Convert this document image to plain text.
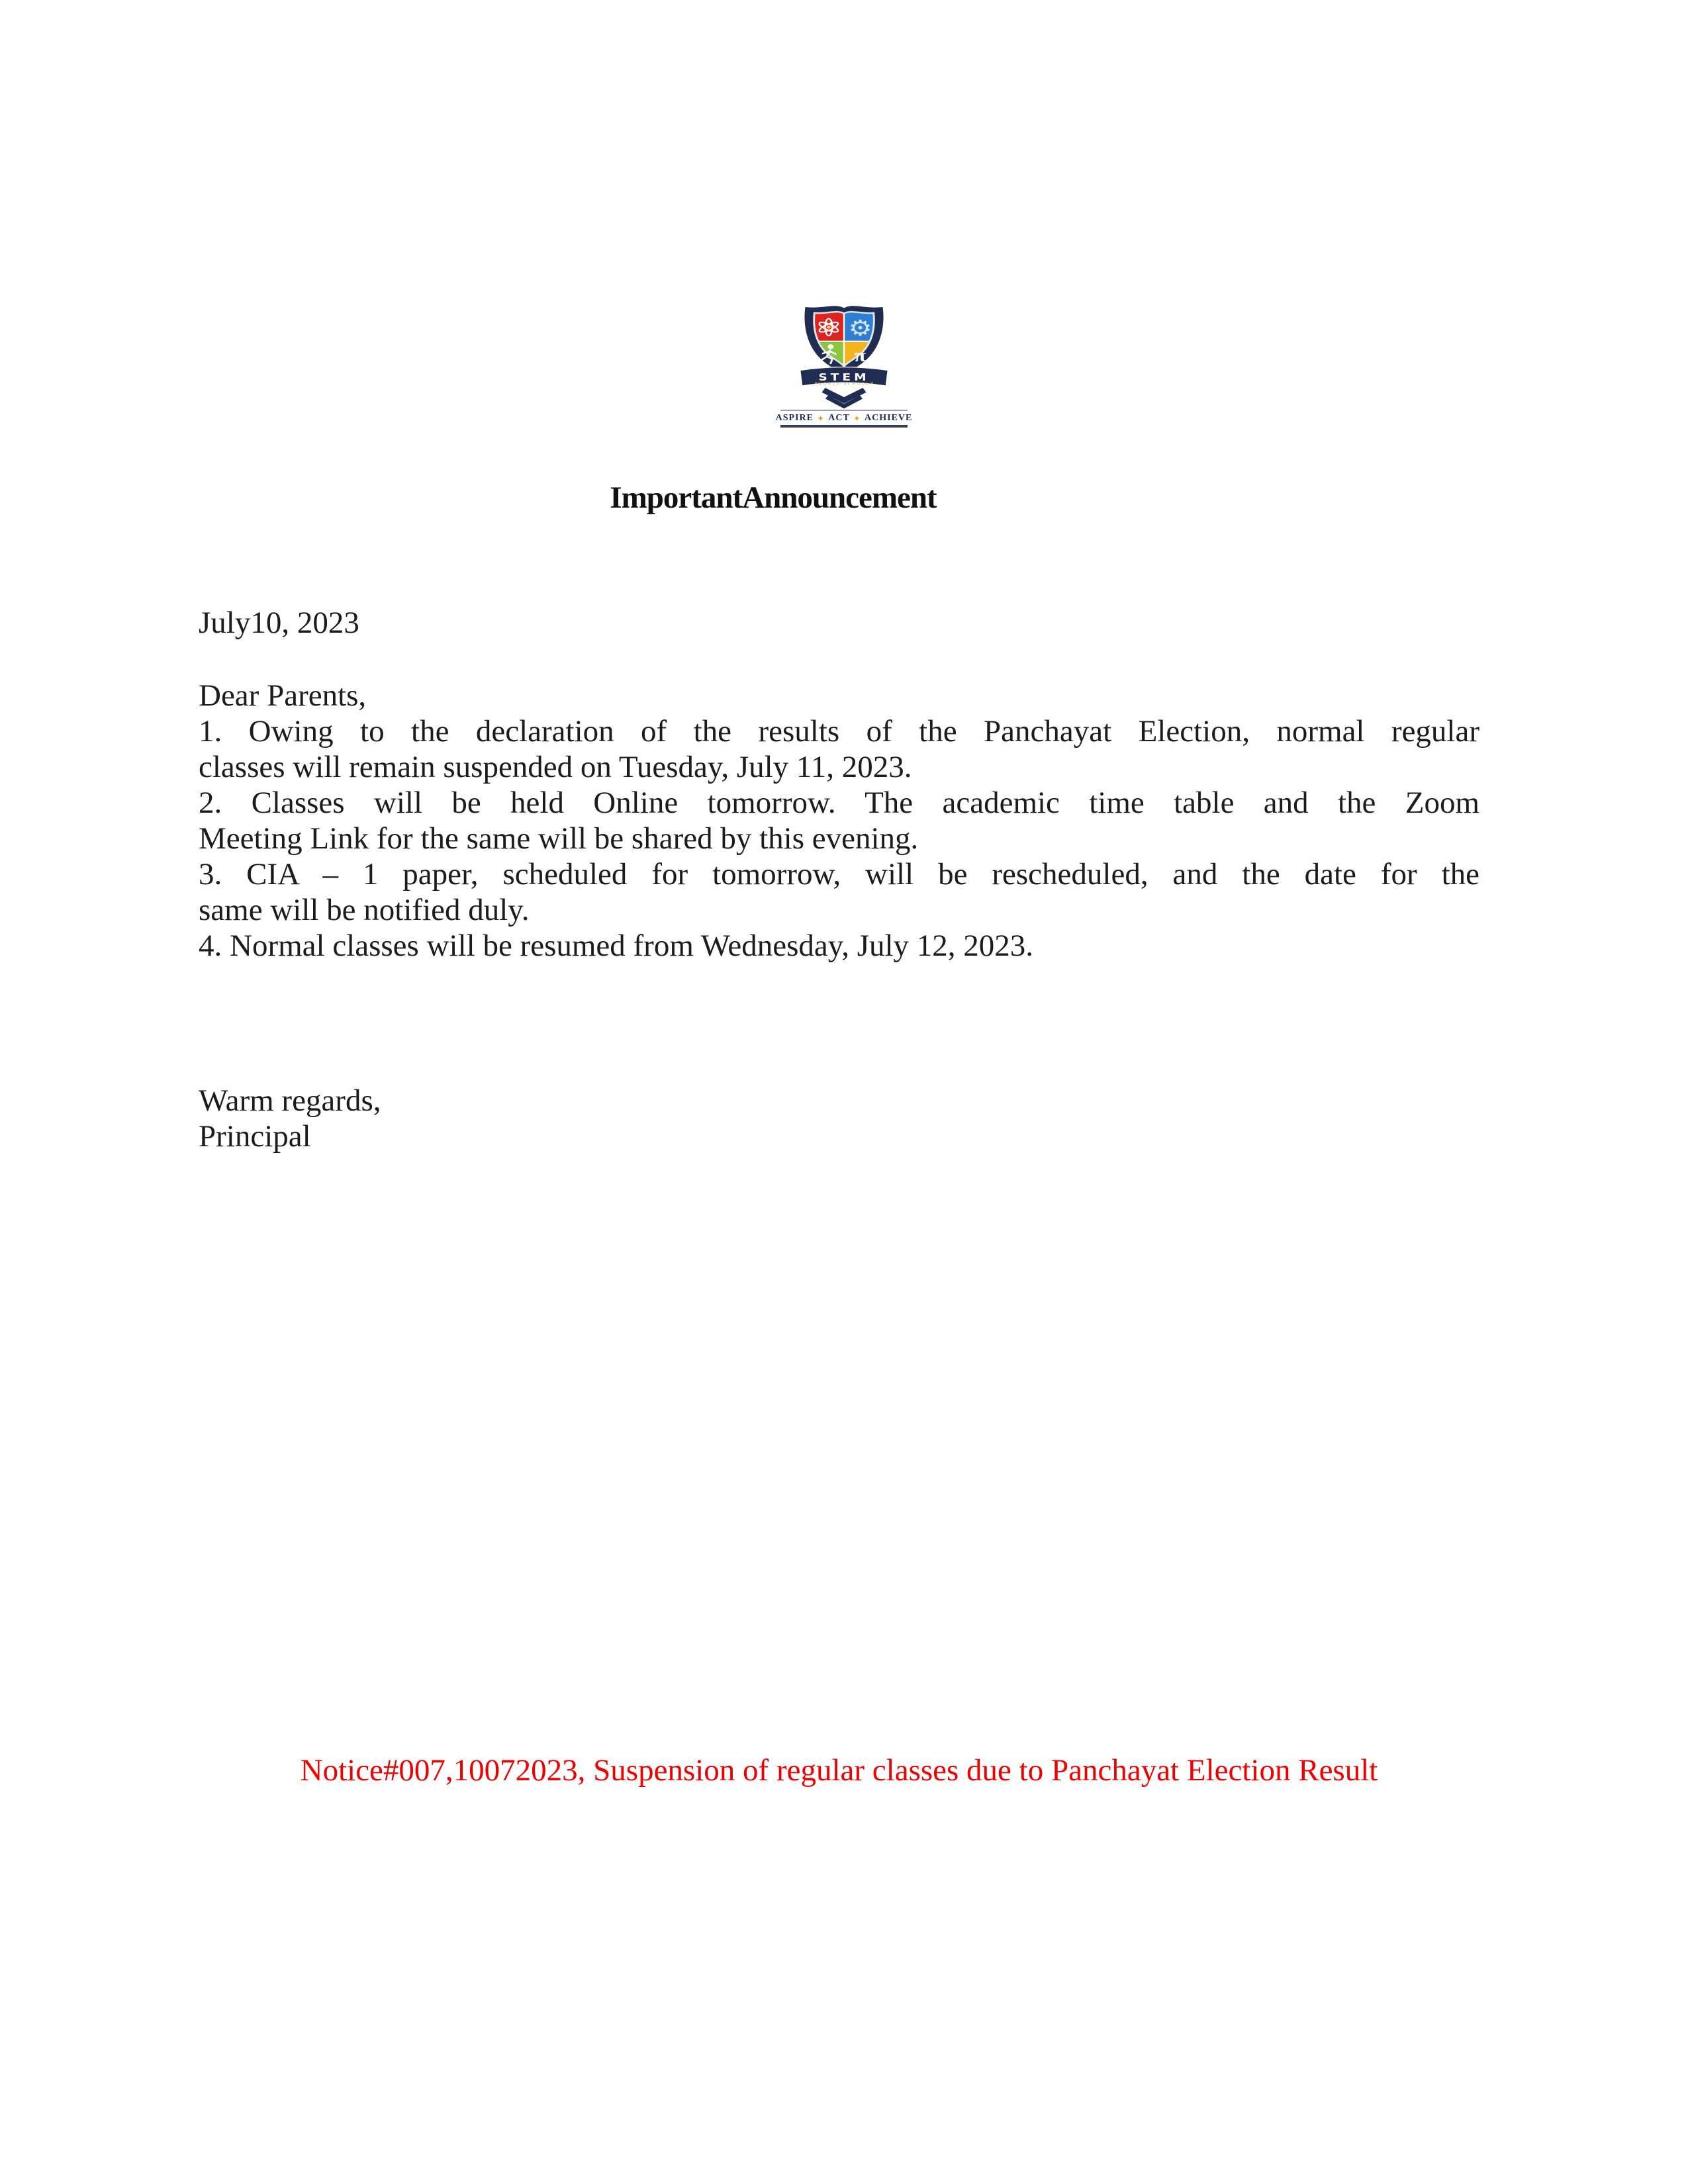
⚙
π
STEM
WORLD SCHOOL
ASPIRE ✦ ACT ✦ ACHIEVE
ImportantAnnouncement
July10, 2023
Dear Parents,
1. Owing to the declaration of the results of the Panchayat Election, normal regular
classes will remain suspended on Tuesday, July 11, 2023.
2. Classes will be held Online tomorrow. The academic time table and the Zoom
Meeting Link for the same will be shared by this evening.
3. CIA – 1 paper, scheduled for tomorrow, will be rescheduled, and the date for the
same will be notified duly.
4. Normal classes will be resumed from Wednesday, July 12, 2023.
Warm regards,
Principal
Notice#007,10072023, Suspension of regular classes due to Panchayat Election Result
